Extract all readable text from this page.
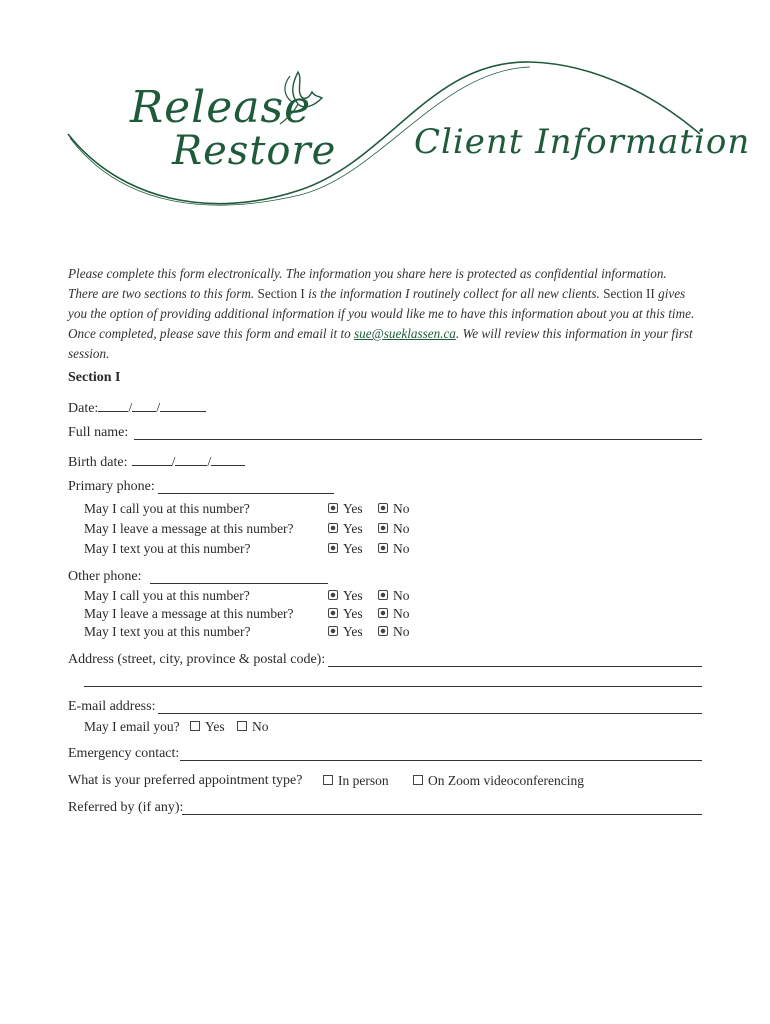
Release
Restore Client Information
Please complete this form electronically. The information you share here is protected as confidential information.
There are two sections to this form. Section I is the information I routinely collect for all new clients. Section II gives you the option of providing additional information if you would like me to have this information about you at this time. Once completed, please save this form and email it to sue@sueklassen.ca. We will review this information in your first session.
Section I
Date: / /
Full name:
Birth date:	/ /
Primary phone:
May I call you at this number?	Yes	No
May I leave a message at this number?	Yes	No
May I text you at this number?	Yes	No
Other phone:
May I call you at this number?	Yes	No
May I leave a message at this number?	Yes	No
May I text you at this number?	Yes	No
Address (street, city, province & postal code):
E-mail address:
May I email you?	Yes	No
Emergency contact:
What is your preferred appointment type?	In person	On Zoom videoconferencing
Referred by (if any):
